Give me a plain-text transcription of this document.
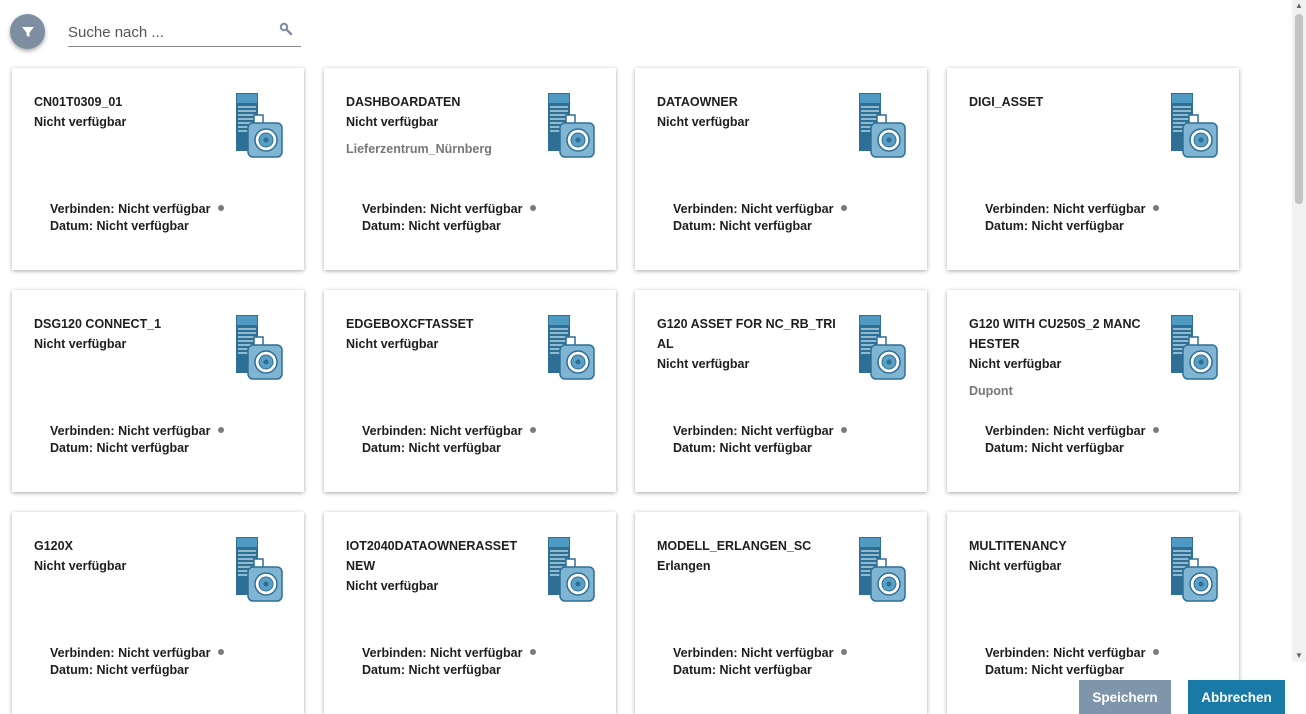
Suche nach ...
CN01T0309_01
Nicht verfügbar
Verbinden: Nicht verfügbar
Datum: Nicht verfügbar
DASHBOARDATEN
Nicht verfügbar
Lieferzentrum_Nürnberg
Verbinden: Nicht verfügbar
Datum: Nicht verfügbar
DATAOWNER
Nicht verfügbar
Verbinden: Nicht verfügbar
Datum: Nicht verfügbar
DIGI_ASSET
Verbinden: Nicht verfügbar
Datum: Nicht verfügbar
DSG120 CONNECT_1
Nicht verfügbar
Verbinden: Nicht verfügbar
Datum: Nicht verfügbar
EDGEBOXCFTASSET
Nicht verfügbar
Verbinden: Nicht verfügbar
Datum: Nicht verfügbar
G120 ASSET FOR NC_RB_TRIAL
Nicht verfügbar
Verbinden: Nicht verfügbar
Datum: Nicht verfügbar
G120 WITH CU250S_2 MANCHESTER
Nicht verfügbar
Dupont
Verbinden: Nicht verfügbar
Datum: Nicht verfügbar
G120X
Nicht verfügbar
Verbinden: Nicht verfügbar
Datum: Nicht verfügbar
IOT2040DATAOWNERASSETNEW
Nicht verfügbar
Verbinden: Nicht verfügbar
Datum: Nicht verfügbar
MODELL_ERLANGEN_SC
Erlangen
Verbinden: Nicht verfügbar
Datum: Nicht verfügbar
MULTITENANCY
Nicht verfügbar
Verbinden: Nicht verfügbar
Datum: Nicht verfügbar
▲
▼
Speichern	Abbrechen
